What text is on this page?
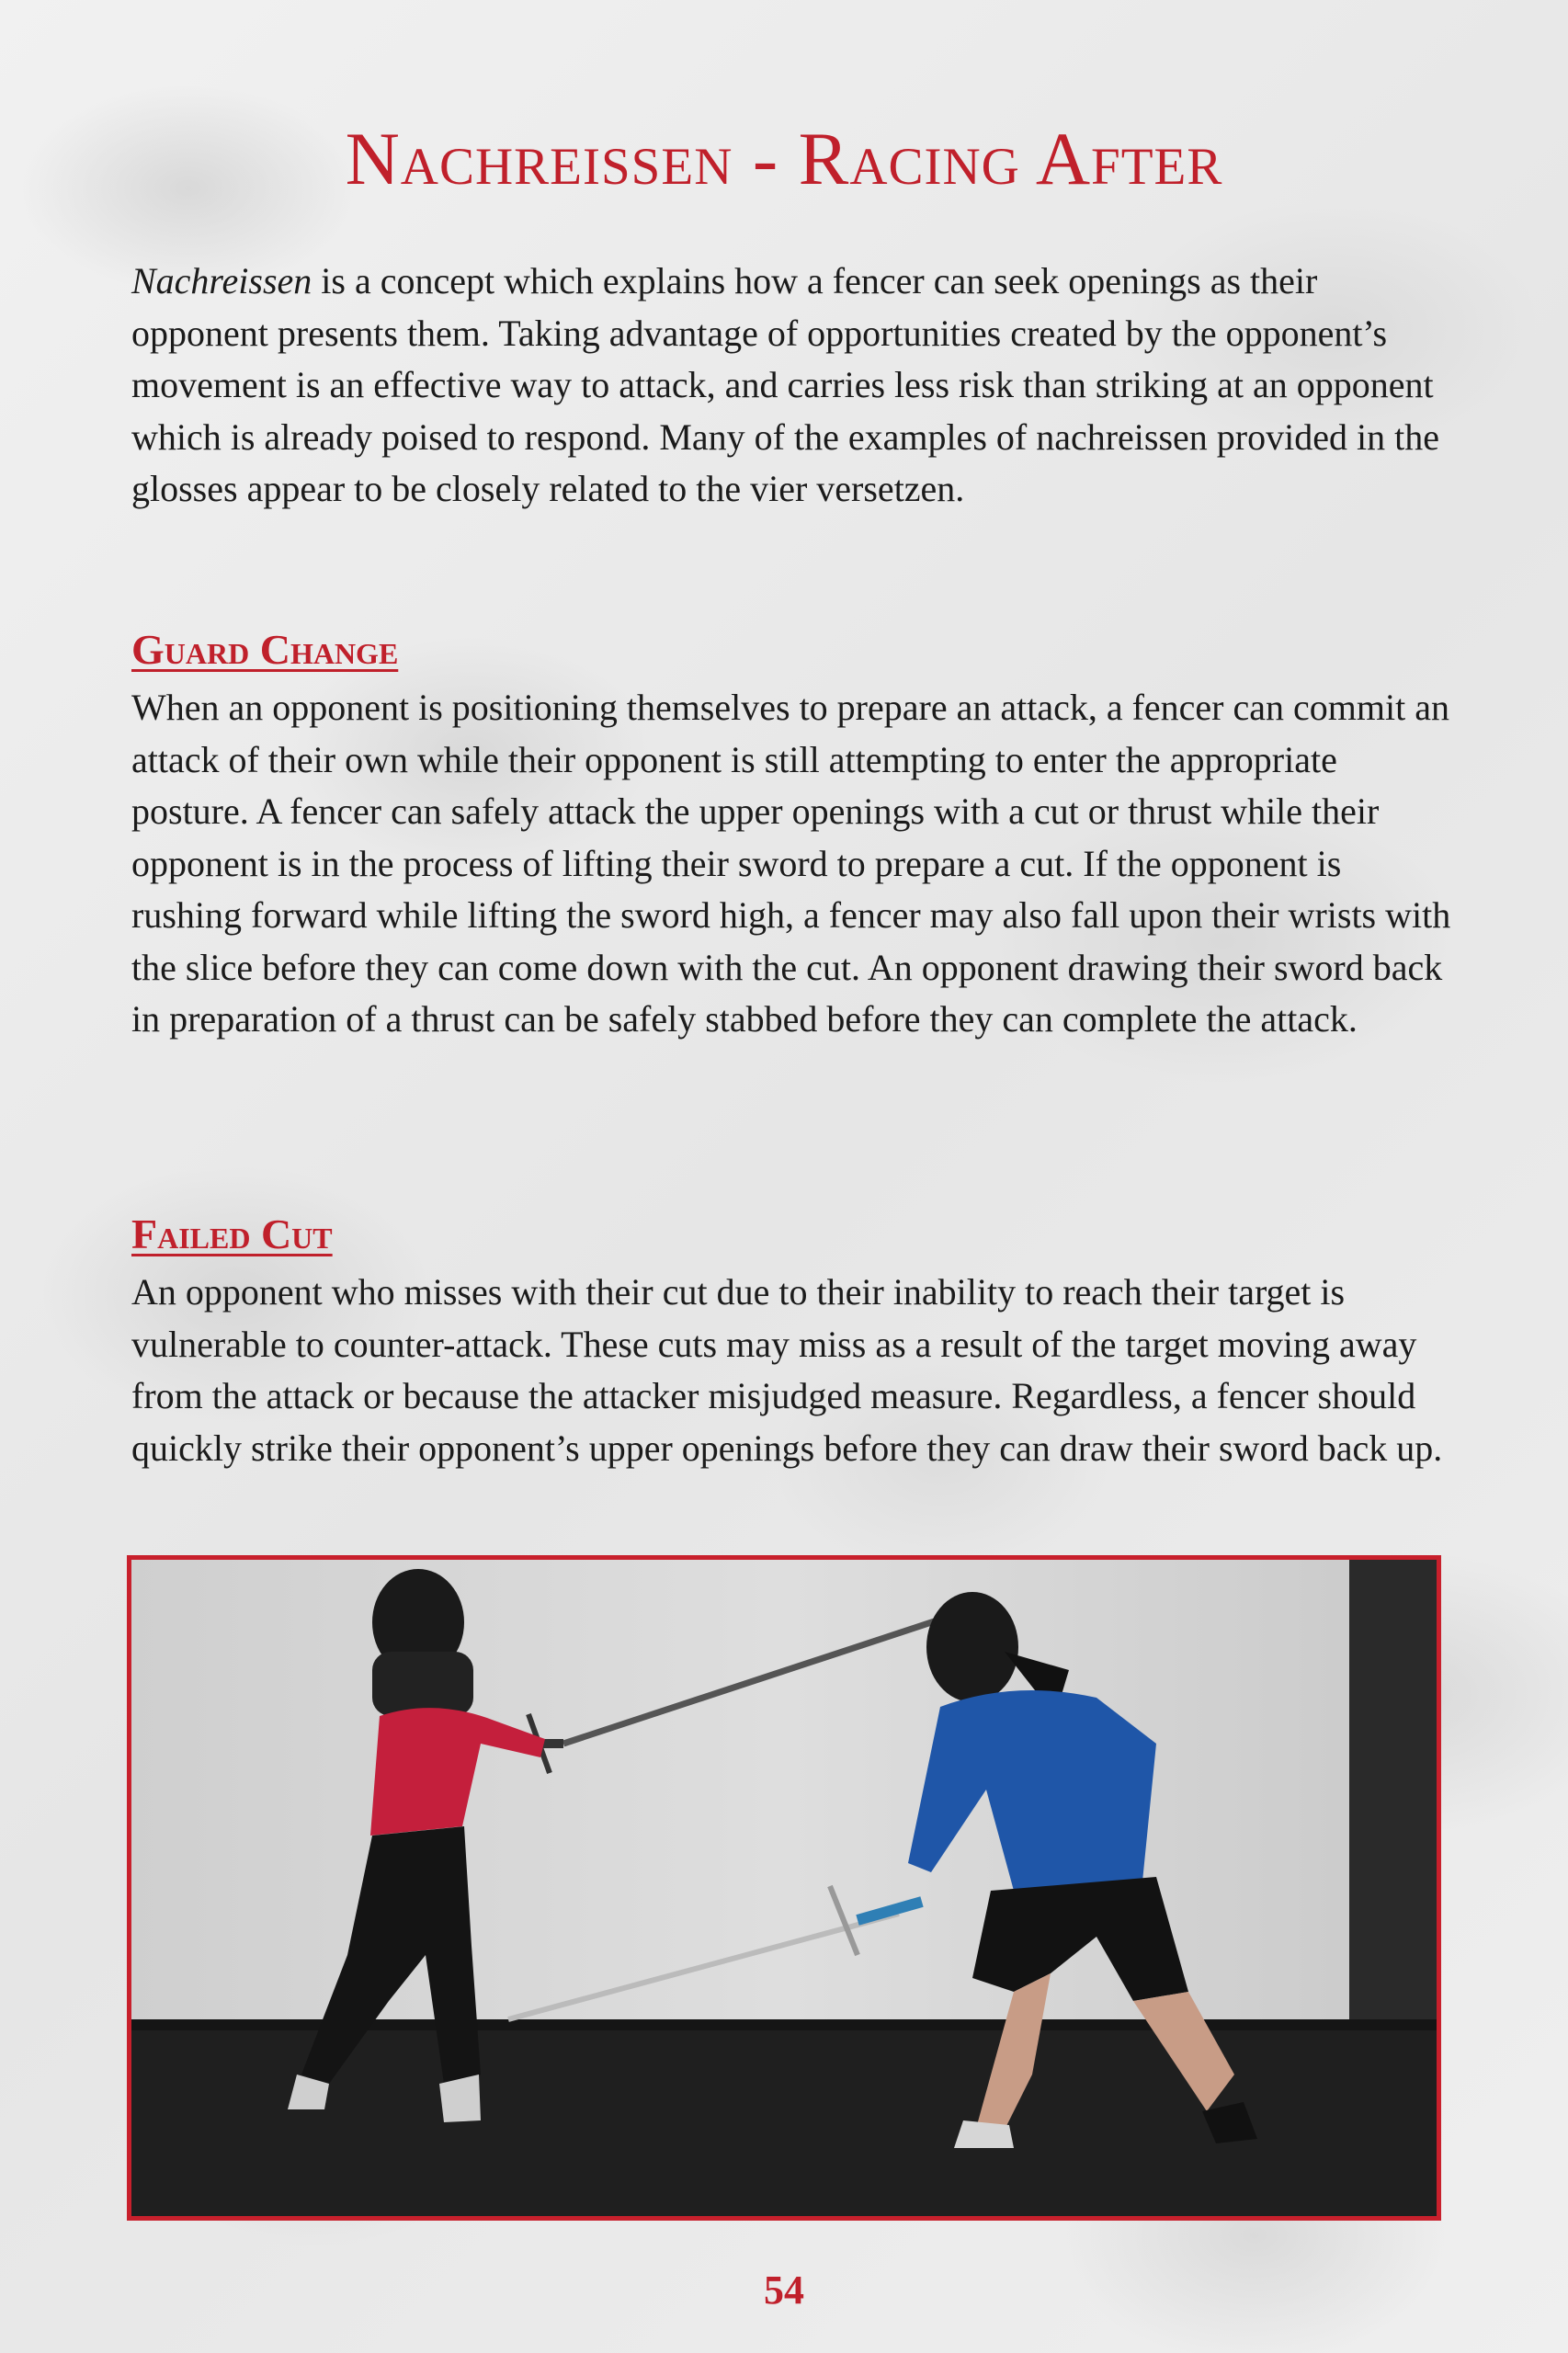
Nachreissen - Racing After

Nachreissen is a concept which explains how a fencer can seek openings as their opponent presents them. Taking advantage of opportunities created by the opponent’s movement is an effective way to attack, and carries less risk than striking at an opponent which is already poised to respond. Many of the examples of nachreissen provided in the glosses appear to be closely related to the vier versetzen.

Guard Change

When an opponent is positioning themselves to prepare an attack, a fencer can commit an attack of their own while their opponent is still attempting to enter the appropriate posture. A fencer can safely attack the upper openings with a cut or thrust while their opponent is in the process of lifting their sword to prepare a cut. If the opponent is rushing forward while lifting the sword high, a fencer may also fall upon their wrists with the slice before they can come down with the cut. An opponent drawing their sword back in preparation of a thrust can be safely stabbed before they can complete the attack.

Failed Cut

An opponent who misses with their cut due to their inability to reach their target is vulnerable to counter-attack. These cuts may miss as a result of the target moving away from the attack or because the attacker misjudged measure. Regardless, a fencer should quickly strike their opponent’s upper openings before they can draw their sword back up.

54
